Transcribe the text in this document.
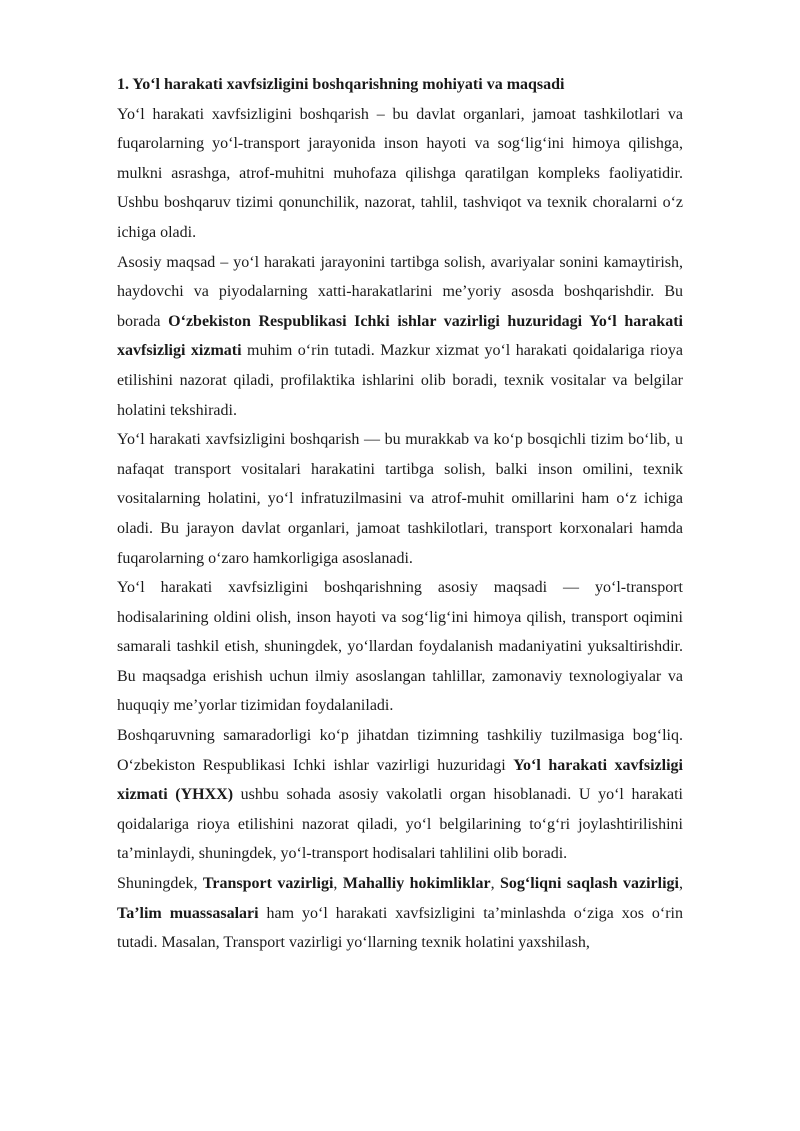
1. Yo‘l harakati xavfsizligini boshqarishning mohiyati va maqsadi

Yo‘l harakati xavfsizligini boshqarish – bu davlat organlari, jamoat tashkilotlari va fuqarolarning yo‘l-transport jarayonida inson hayoti va sog‘lig‘ini himoya qilishga, mulkni asrashga, atrof-muhitni muhofaza qilishga qaratilgan kompleks faoliyatidir. Ushbu boshqaruv tizimi qonunchilik, nazorat, tahlil, tashviqot va texnik choralarni o‘z ichiga oladi.

Asosiy maqsad – yo‘l harakati jarayonini tartibga solish, avariyalar sonini kamaytirish, haydovchi va piyodalarning xatti-harakatlarini me’yoriy asosda boshqarishdir. Bu borada O‘zbekiston Respublikasi Ichki ishlar vazirligi huzuridagi Yo‘l harakati xavfsizligi xizmati muhim o‘rin tutadi. Mazkur xizmat yo‘l harakati qoidalariga rioya etilishini nazorat qiladi, profilaktika ishlarini olib boradi, texnik vositalar va belgilar holatini tekshiradi.

Yo‘l harakati xavfsizligini boshqarish — bu murakkab va ko‘p bosqichli tizim bo‘lib, u nafaqat transport vositalari harakatini tartibga solish, balki inson omilini, texnik vositalarning holatini, yo‘l infratuzilmasini va atrof-muhit omillarini ham o‘z ichiga oladi. Bu jarayon davlat organlari, jamoat tashkilotlari, transport korxonalari hamda fuqarolarning o‘zaro hamkorligiga asoslanadi.

Yo‘l harakati xavfsizligini boshqarishning asosiy maqsadi — yo‘l-transport hodisalarining oldini olish, inson hayoti va sog‘lig‘ini himoya qilish, transport oqimini samarali tashkil etish, shuningdek, yo‘llardan foydalanish madaniyatini yuksaltirishdir. Bu maqsadga erishish uchun ilmiy asoslangan tahlillar, zamonaviy texnologiyalar va huquqiy me’yorlar tizimidan foydalaniladi.

Boshqaruvning samaradorligi ko‘p jihatdan tizimning tashkiliy tuzilmasiga bog‘liq. O‘zbekiston Respublikasi Ichki ishlar vazirligi huzuridagi Yo‘l harakati xavfsizligi xizmati (YHXX) ushbu sohada asosiy vakolatli organ hisoblanadi. U yo‘l harakati qoidalariga rioya etilishini nazorat qiladi, yo‘l belgilarining to‘g‘ri joylashtirilishini ta’minlaydi, shuningdek, yo‘l-transport hodisalari tahlilini olib boradi.

Shuningdek, Transport vazirligi, Mahalliy hokimliklar, Sog‘liqni saqlash vazirligi, Ta’lim muassasalari ham yo‘l harakati xavfsizligini ta’minlashda o‘ziga xos o‘rin tutadi. Masalan, Transport vazirligi yo‘llarning texnik holatini yaxshilash,
